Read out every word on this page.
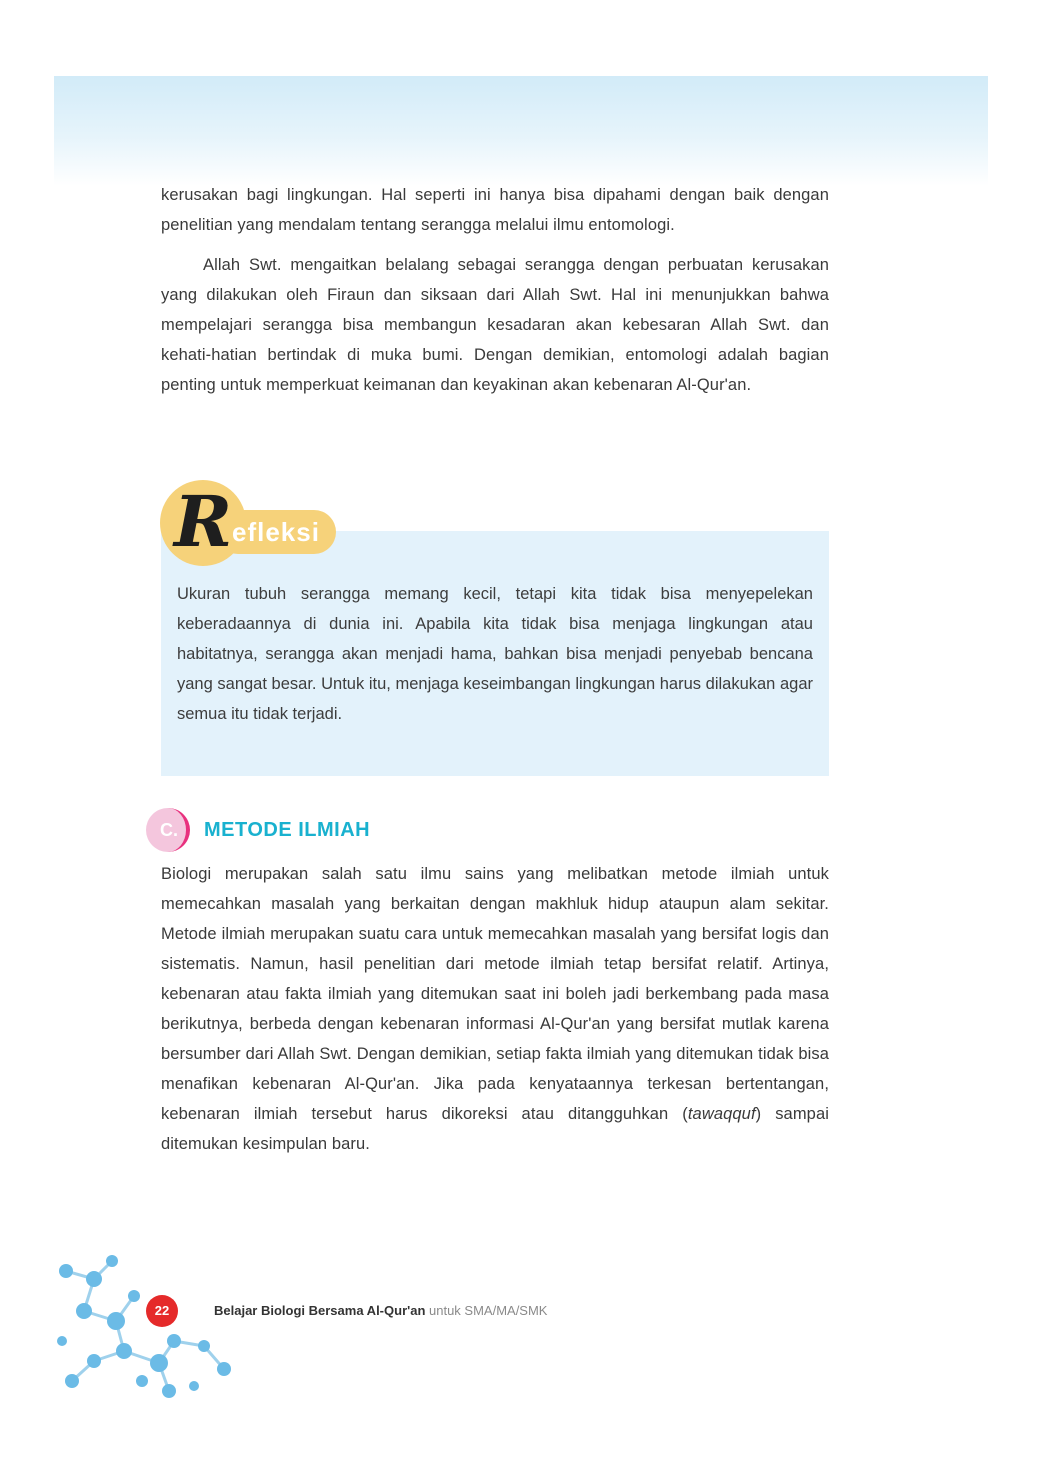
kerusakan bagi lingkungan. Hal seperti ini hanya bisa dipahami dengan baik dengan penelitian yang mendalam tentang serangga melalui ilmu entomologi.

Allah Swt. mengaitkan belalang sebagai serangga dengan perbuatan kerusakan yang dilakukan oleh Firaun dan siksaan dari Allah Swt. Hal ini menunjukkan bahwa mempelajari serangga bisa membangun kesadaran akan kebesaran Allah Swt. dan kehati-hatian bertindak di muka bumi. Dengan demikian, entomologi adalah bagian penting untuk memperkuat keimanan dan keyakinan akan kebenaran Al-Qur'an.

Ukuran tubuh serangga memang kecil, tetapi kita tidak bisa menyepelekan keberadaannya di dunia ini. Apabila kita tidak bisa menjaga lingkungan atau habitatnya, serangga akan menjadi hama, bahkan bisa menjadi penyebab bencana yang sangat besar. Untuk itu, menjaga keseimbangan lingkungan harus dilakukan agar semua itu tidak terjadi.

R efleksi
C.	METODE ILMIAH

Biologi merupakan salah satu ilmu sains yang melibatkan metode ilmiah untuk memecahkan masalah yang berkaitan dengan makhluk hidup ataupun alam sekitar. Metode ilmiah merupakan suatu cara untuk memecahkan masalah yang bersifat logis dan sistematis. Namun, hasil penelitian dari metode ilmiah tetap bersifat relatif. Artinya, kebenaran atau fakta ilmiah yang ditemukan saat ini boleh jadi berkembang pada masa berikutnya, berbeda dengan kebenaran informasi Al-Qur'an yang bersifat mutlak karena bersumber dari Allah Swt. Dengan demikian, setiap fakta ilmiah yang ditemukan tidak bisa menafikan kebenaran Al-Qur'an. Jika pada kenyataannya terkesan bertentangan, kebenaran ilmiah tersebut harus dikoreksi atau ditangguhkan (tawaqquf) sampai ditemukan kesimpulan baru.

22	Belajar Biologi Bersama Al-Qur'an untuk SMA/MA/SMK
